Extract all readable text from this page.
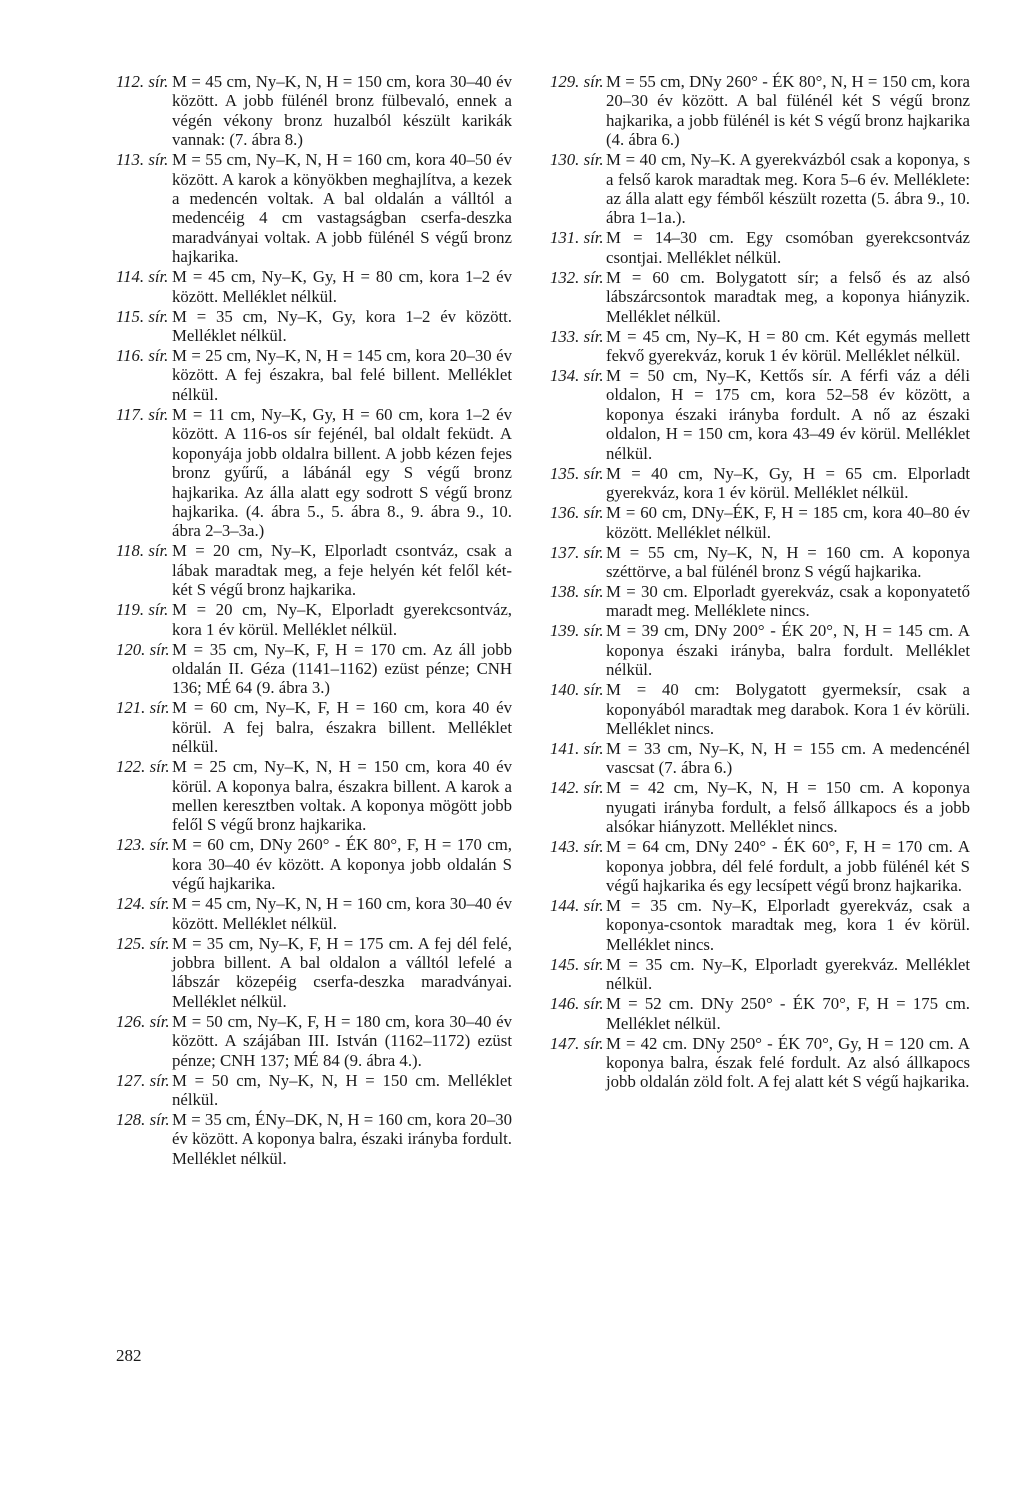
112. sír. M = 45 cm, Ny–K, N, H = 150 cm, kora 30–40 év között. A jobb fülénél bronz fülbevaló, ennek a végén vékony bronz huzalból készült karikák vannak: (7. ábra 8.)
113. sír. M = 55 cm, Ny–K, N, H = 160 cm, kora 40–50 év között. A karok a könyökben meghajlítva, a kezek a medencén voltak. A bal oldalán a válltól a medencéig 4 cm vastagságban cserfa-deszka maradványai voltak. A jobb fülénél S végű bronz hajkarika.
114. sír. M = 45 cm, Ny–K, Gy, H = 80 cm, kora 1–2 év között. Melléklet nélkül.
115. sír. M = 35 cm, Ny–K, Gy, kora 1–2 év között. Melléklet nélkül.
116. sír. M = 25 cm, Ny–K, N, H = 145 cm, kora 20–30 év között. A fej északra, bal felé billent. Melléklet nélkül.
117. sír. M = 11 cm, Ny–K, Gy, H = 60 cm, kora 1–2 év között. A 116-os sír fejénél, bal oldalt feküdt. A koponyája jobb oldalra billent. A jobb kézen fejes bronz gyűrű, a lábánál egy S végű bronz hajkarika. Az álla alatt egy sodrott S végű bronz hajkarika. (4. ábra 5., 5. ábra 8., 9. ábra 9., 10. ábra 2–3–3a.)
118. sír. M = 20 cm, Ny–K, Elporladt csontváz, csak a lábak maradtak meg, a feje helyén két felől két-két S végű bronz hajkarika.
119. sír. M = 20 cm, Ny–K, Elporladt gyerekcsontváz, kora 1 év körül. Melléklet nélkül.
120. sír. M = 35 cm, Ny–K, F, H = 170 cm. Az áll jobb oldalán II. Géza (1141–1162) ezüst pénze; CNH 136; MÉ 64 (9. ábra 3.)
121. sír. M = 60 cm, Ny–K, F, H = 160 cm, kora 40 év körül. A fej balra, északra billent. Melléklet nélkül.
122. sír. M = 25 cm, Ny–K, N, H = 150 cm, kora 40 év körül. A koponya balra, északra billent. A karok a mellen keresztben voltak. A koponya mögött jobb felől S végű bronz hajkarika.
123. sír. M = 60 cm, DNy 260° - ÉK 80°, F, H = 170 cm, kora 30–40 év között. A koponya jobb oldalán S végű hajkarika.
124. sír. M = 45 cm, Ny–K, N, H = 160 cm, kora 30–40 év között. Melléklet nélkül.
125. sír. M = 35 cm, Ny–K, F, H = 175 cm. A fej dél felé, jobbra billent. A bal oldalon a válltól lefelé a lábszár közepéig cserfa-deszka maradványai. Melléklet nélkül.
126. sír. M = 50 cm, Ny–K, F, H = 180 cm, kora 30–40 év között. A szájában III. István (1162–1172) ezüst pénze; CNH 137; MÉ 84 (9. ábra 4.).
127. sír. M = 50 cm, Ny–K, N, H = 150 cm. Melléklet nélkül.
128. sír. M = 35 cm, ÉNy–DK, N, H = 160 cm, kora 20–30 év között. A koponya balra, északi irányba fordult. Melléklet nélkül.
129. sír. M = 55 cm, DNy 260° - ÉK 80°, N, H = 150 cm, kora 20–30 év között. A bal fülénél két S végű bronz hajkarika, a jobb fülénél is két S végű bronz hajkarika (4. ábra 6.)
130. sír. M = 40 cm, Ny–K. A gyerekvázból csak a koponya, s a felső karok maradtak meg. Kora 5–6 év. Melléklete: az álla alatt egy fémből készült rozetta (5. ábra 9., 10. ábra 1–1a.).
131. sír. M = 14–30 cm. Egy csomóban gyerekcsontváz csontjai. Melléklet nélkül.
132. sír. M = 60 cm. Bolygatott sír; a felső és az alsó lábszárcsontok maradtak meg, a koponya hiányzik. Melléklet nélkül.
133. sír. M = 45 cm, Ny–K, H = 80 cm. Két egymás mellett fekvő gyerekváz, koruk 1 év körül. Melléklet nélkül.
134. sír. M = 50 cm, Ny–K, Kettős sír. A férfi váz a déli oldalon, H = 175 cm, kora 52–58 év között, a koponya északi irányba fordult. A nő az északi oldalon, H = 150 cm, kora 43–49 év körül. Melléklet nélkül.
135. sír. M = 40 cm, Ny–K, Gy, H = 65 cm. Elporladt gyerekváz, kora 1 év körül. Melléklet nélkül.
136. sír. M = 60 cm, DNy–ÉK, F, H = 185 cm, kora 40–80 év között. Melléklet nélkül.
137. sír. M = 55 cm, Ny–K, N, H = 160 cm. A koponya széttörve, a bal fülénél bronz S végű hajkarika.
138. sír. M = 30 cm. Elporladt gyerekváz, csak a koponyatető maradt meg. Melléklete nincs.
139. sír. M = 39 cm, DNy 200° - ÉK 20°, N, H = 145 cm. A koponya északi irányba, balra fordult. Melléklet nélkül.
140. sír. M = 40 cm: Bolygatott gyermeksír, csak a koponyából maradtak meg darabok. Kora 1 év körüli. Melléklet nincs.
141. sír. M = 33 cm, Ny–K, N, H = 155 cm. A medencénél vascsat (7. ábra 6.)
142. sír. M = 42 cm, Ny–K, N, H = 150 cm. A koponya nyugati irányba fordult, a felső állkapocs és a jobb alsókar hiányzott. Melléklet nincs.
143. sír. M = 64 cm, DNy 240° - ÉK 60°, F, H = 170 cm. A koponya jobbra, dél felé fordult, a jobb fülénél két S végű hajkarika és egy lecsípett végű bronz hajkarika.
144. sír. M = 35 cm. Ny–K, Elporladt gyerekváz, csak a koponya-csontok maradtak meg, kora 1 év körül. Melléklet nincs.
145. sír. M = 35 cm. Ny–K, Elporladt gyerekváz. Melléklet nélkül.
146. sír. M = 52 cm. DNy 250° - ÉK 70°, F, H = 175 cm. Melléklet nélkül.
147. sír. M = 42 cm. DNy 250° - ÉK 70°, Gy, H = 120 cm. A koponya balra, észak felé fordult. Az alsó állkapocs jobb oldalán zöld folt. A fej alatt két S végű hajkarika.
282
